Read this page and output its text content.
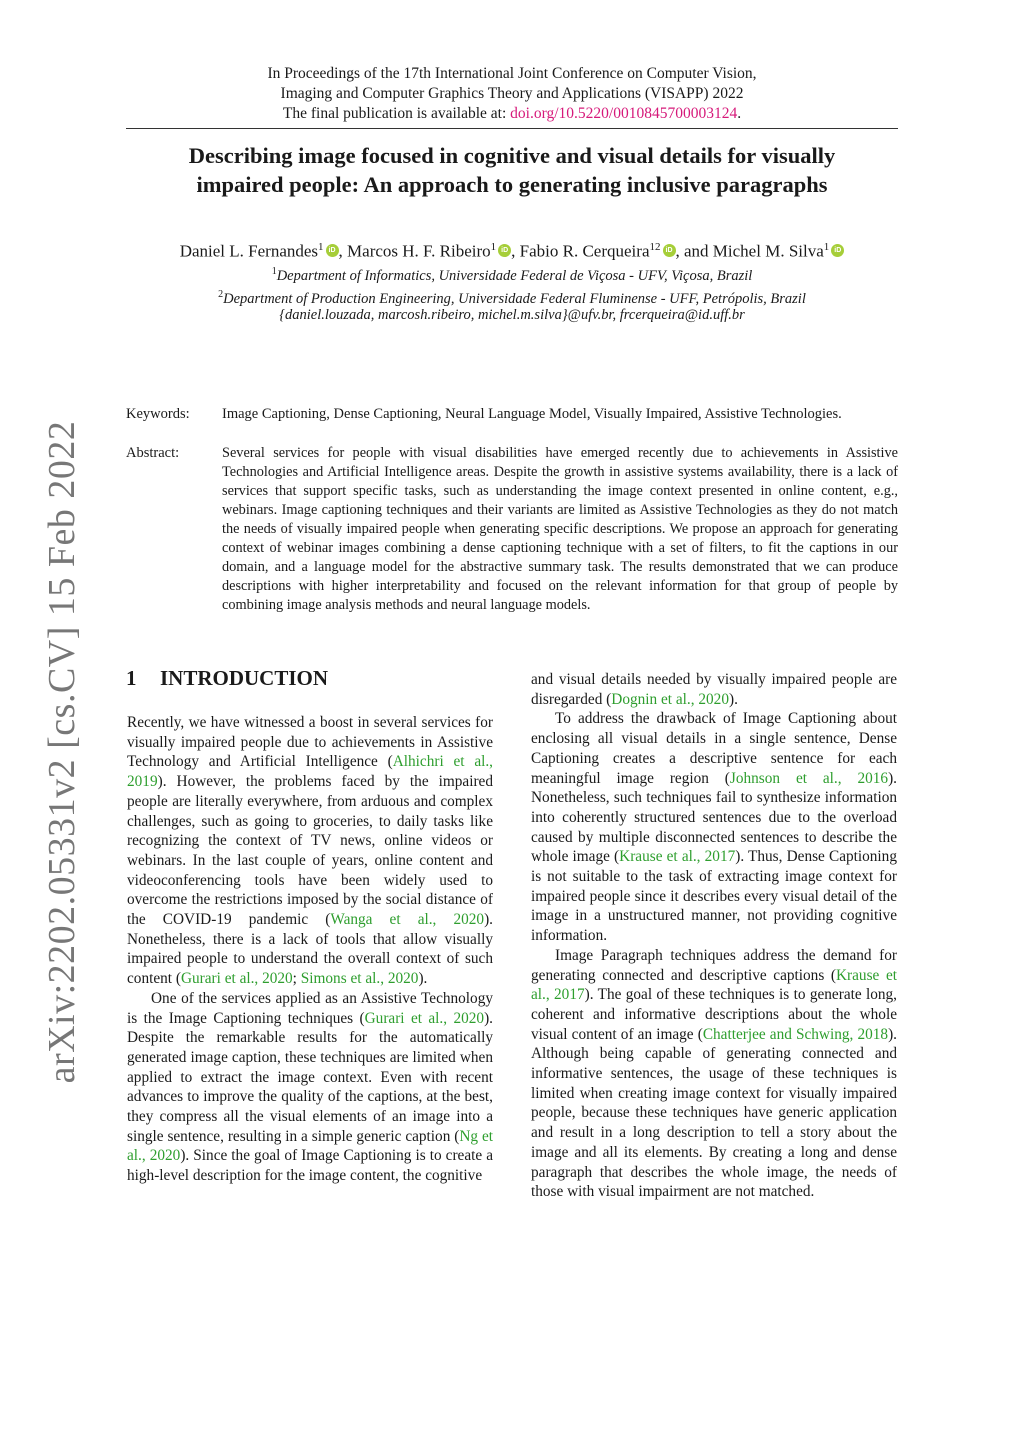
In Proceedings of the 17th International Joint Conference on Computer Vision,
Imaging and Computer Graphics Theory and Applications (VISAPP) 2022
The final publication is available at: doi.org/10.5220/0010845700003124.
Describing image focused in cognitive and visual details for visually
impaired people: An approach to generating inclusive paragraphs
Daniel L. Fernandes$^1$ iD , Marcos H. F. Ribeiro$^1$ iD , Fabio R. Cerqueira$^{12}$ iD , and Michel M. Silva$^1$ iD
$^1$Department of Informatics, Universidade Federal de Viçosa - UFV, Viçosa, Brazil
$^2$Department of Production Engineering, Universidade Federal Fluminense - UFF, Petrópolis, Brazil
{daniel.louzada, marcosh.ribeiro, michel.m.silva}@ufv.br, frcerqueira@id.uff.br
Keywords: Image Captioning, Dense Captioning, Neural Language Model, Visually Impaired, Assistive Technologies.
Abstract:	Several services for people with visual disabilities have emerged recently due to achievements in Assistive Technologies and Artificial Intelligence areas. Despite the growth in assistive systems availability, there is a lack of services that support specific tasks, such as understanding the image context presented in online content, e.g., webinars. Image captioning techniques and their variants are limited as Assistive Technologies as they do not match the needs of visually impaired people when generating specific descriptions. We propose an approach for generating context of webinar images combining a dense captioning technique with a set of filters, to fit the captions in our domain, and a language model for the abstractive summary task. The results demonstrated that we can produce descriptions with higher interpretability and focused on the relevant information for that group of people by combining image analysis methods and neural language models.
arXiv:2202.05331v2 [cs.CV] 15 Feb 2022 1 INTRODUCTION

Recently, we have witnessed a boost in several services for visually impaired people due to achievements in Assistive Technology and Artificial Intelligence (Alhichri et al., 2019). However, the problems faced by the impaired people are literally everywhere, from arduous and complex challenges, such as going to groceries, to daily tasks like recognizing the context of TV news, online videos or webinars. In the last couple of years, online content and videoconferencing tools have been widely used to overcome the restrictions imposed by the social distance of the COVID-19 pandemic (Wanga et al., 2020). Nonetheless, there is a lack of tools that allow visually impaired people to understand the overall context of such content (Gurari et al., 2020; Simons et al., 2020).

One of the services applied as an Assistive Technology is the Image Captioning techniques (Gurari et al., 2020). Despite the remarkable results for the automatically generated image caption, these techniques are limited when applied to extract the image context. Even with recent advances to improve the quality of the captions, at the best, they compress all the visual elements of an image into a single sentence, resulting in a simple generic caption (Ng et al., 2020). Since the goal of Image Captioning is to create a high-level description for the image content, the cognitive

and visual details needed by visually impaired people are disregarded (Dognin et al., 2020).

To address the drawback of Image Captioning about enclosing all visual details in a single sentence, Dense Captioning creates a descriptive sentence for each meaningful image region (Johnson et al., 2016). Nonetheless, such techniques fail to synthesize information into coherently structured sentences due to the overload caused by multiple disconnected sentences to describe the whole image (Krause et al., 2017). Thus, Dense Captioning is not suitable to the task of extracting image context for impaired people since it describes every visual detail of the image in a unstructured manner, not providing cognitive information.

Image Paragraph techniques address the demand for generating connected and descriptive captions (Krause et al., 2017). The goal of these techniques is to generate long, coherent and informative descriptions about the whole visual content of an image (Chatterjee and Schwing, 2018). Although being capable of generating connected and informative sentences, the usage of these techniques is limited when creating image context for visually impaired people, because these techniques have generic application and result in a long description to tell a story about the image and all its elements. By creating a long and dense paragraph that describes the whole image, the needs of those with visual impairment are not matched.
